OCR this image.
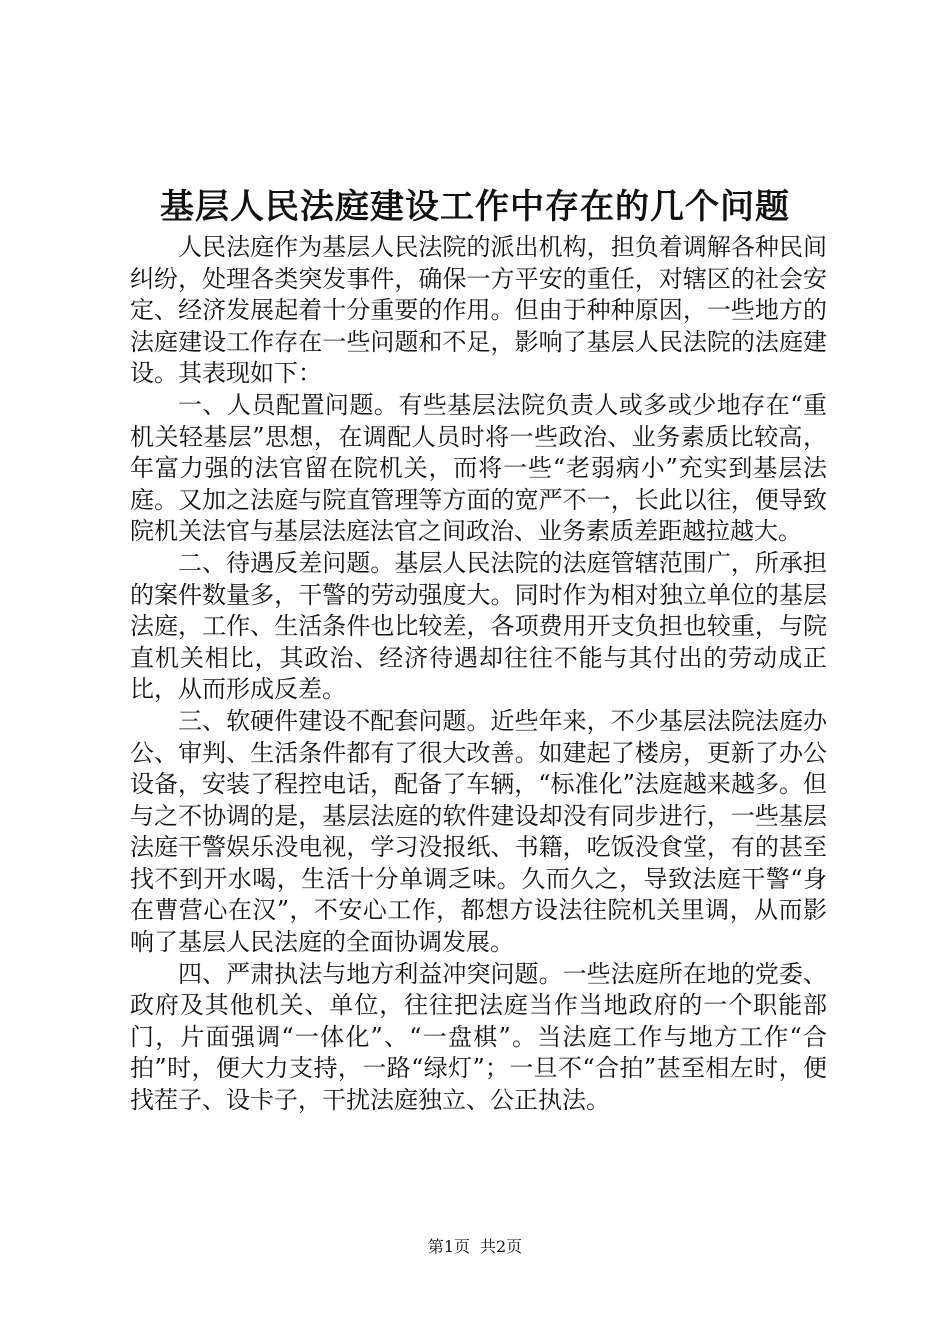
基层人民法庭建设工作中存在的几个问题

人民法庭作为基层人民法院的派出机构，担负着调解各种民间纠纷，处理各类突发事件，确保一方平安的重任，对辖区的社会安定、经济发展起着十分重要的作用。但由于种种原因，一些地方的法庭建设工作存在一些问题和不足，影响了基层人民法院的法庭建设。其表现如下：

一、人员配置问题。有些基层法院负责人或多或少地存在“重机关轻基层”思想，在调配人员时将一些政治、业务素质比较高，年富力强的法官留在院机关，而将一些“老弱病小”充实到基层法庭。又加之法庭与院直管理等方面的宽严不一，长此以往，便导致院机关法官与基层法庭法官之间政治、业务素质差距越拉越大。

二、待遇反差问题。基层人民法院的法庭管辖范围广，所承担的案件数量多，干警的劳动强度大。同时作为相对独立单位的基层法庭，工作、生活条件也比较差，各项费用开支负担也较重，与院直机关相比，其政治、经济待遇却往往不能与其付出的劳动成正比，从而形成反差。

三、软硬件建设不配套问题。近些年来，不少基层法院法庭办公、审判、生活条件都有了很大改善。如建起了楼房，更新了办公设备，安装了程控电话，配备了车辆，“标准化”法庭越来越多。但与之不协调的是，基层法庭的软件建设却没有同步进行，一些基层法庭干警娱乐没电视，学习没报纸、书籍，吃饭没食堂，有的甚至找不到开水喝，生活十分单调乏味。久而久之，导致法庭干警“身在曹营心在汉”，不安心工作，都想方设法往院机关里调，从而影响了基层人民法庭的全面协调发展。

四、严肃执法与地方利益冲突问题。一些法庭所在地的党委、政府及其他机关、单位，往往把法庭当作当地政府的一个职能部门，片面强调“一体化”、“一盘棋”。当法庭工作与地方工作“合拍”时，便大力支持，一路“绿灯”；一旦不“合拍”甚至相左时，便找茬子、设卡子，干扰法庭独立、公正执法。

第1页 共2页
